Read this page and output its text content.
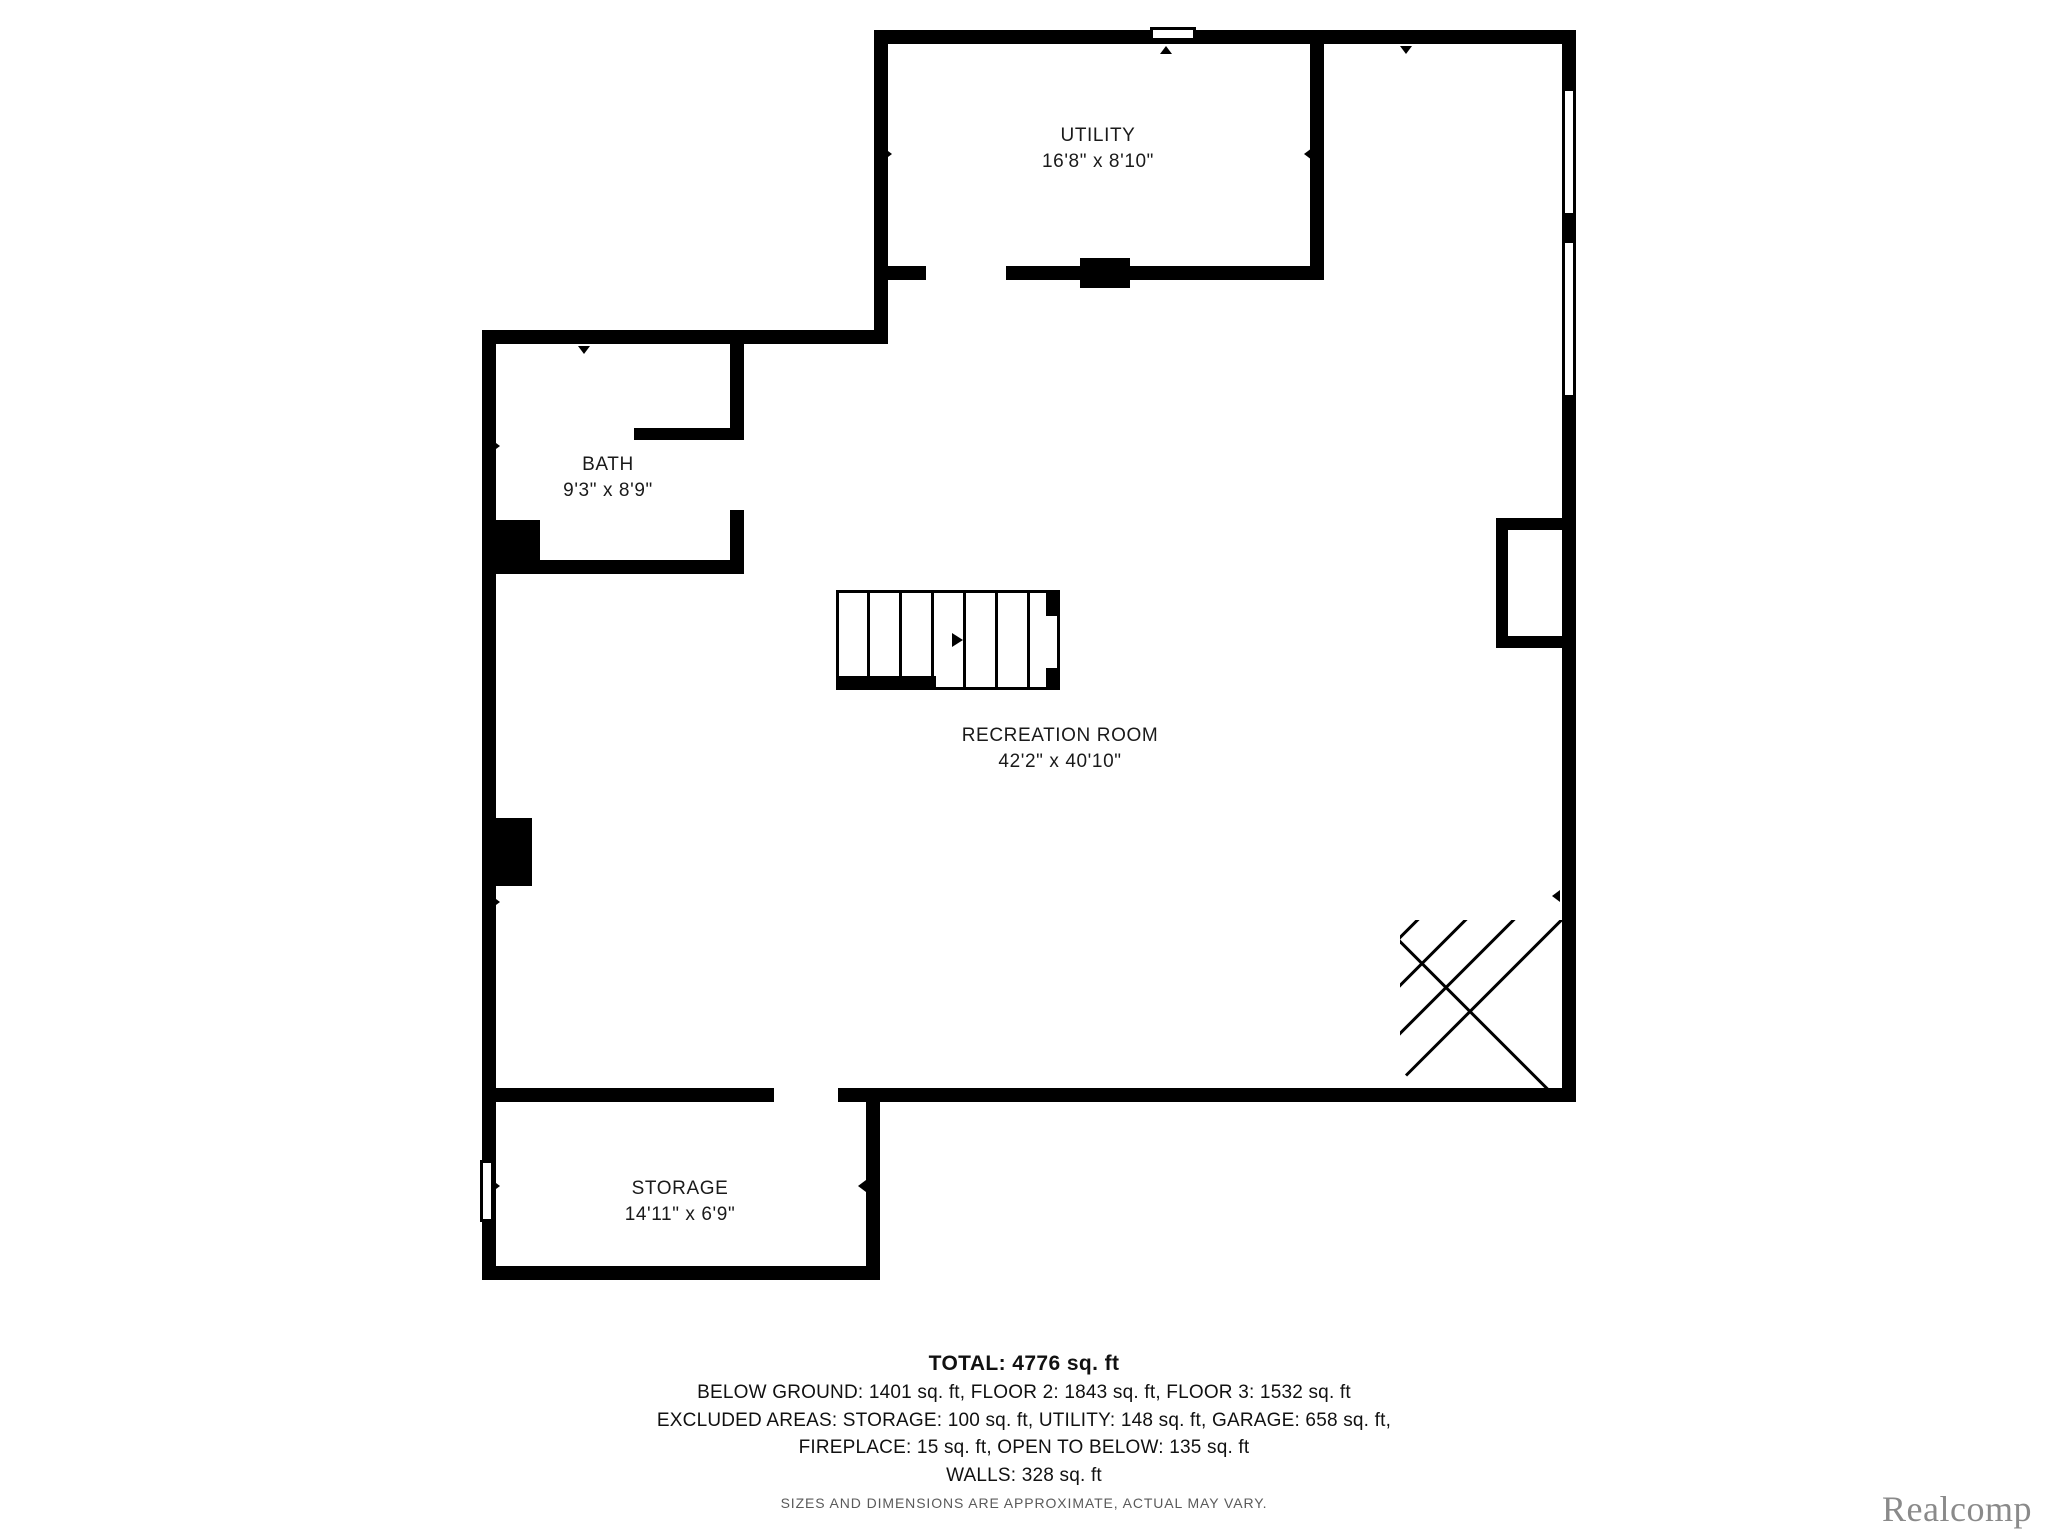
UTILITY
16'8" x 8'10"
BATH
9'3" x 8'9"
RECREATION ROOM
42'2" x 40'10"
STORAGE
14'11" x 6'9"
TOTAL: 4776 sq. ft
BELOW GROUND: 1401 sq. ft, FLOOR 2: 1843 sq. ft, FLOOR 3: 1532 sq. ft
EXCLUDED AREAS: STORAGE: 100 sq. ft, UTILITY: 148 sq. ft, GARAGE: 658 sq. ft,
FIREPLACE: 15 sq. ft, OPEN TO BELOW: 135 sq. ft
WALLS: 328 sq. ft
SIZES AND DIMENSIONS ARE APPROXIMATE, ACTUAL MAY VARY.	Realcomp
